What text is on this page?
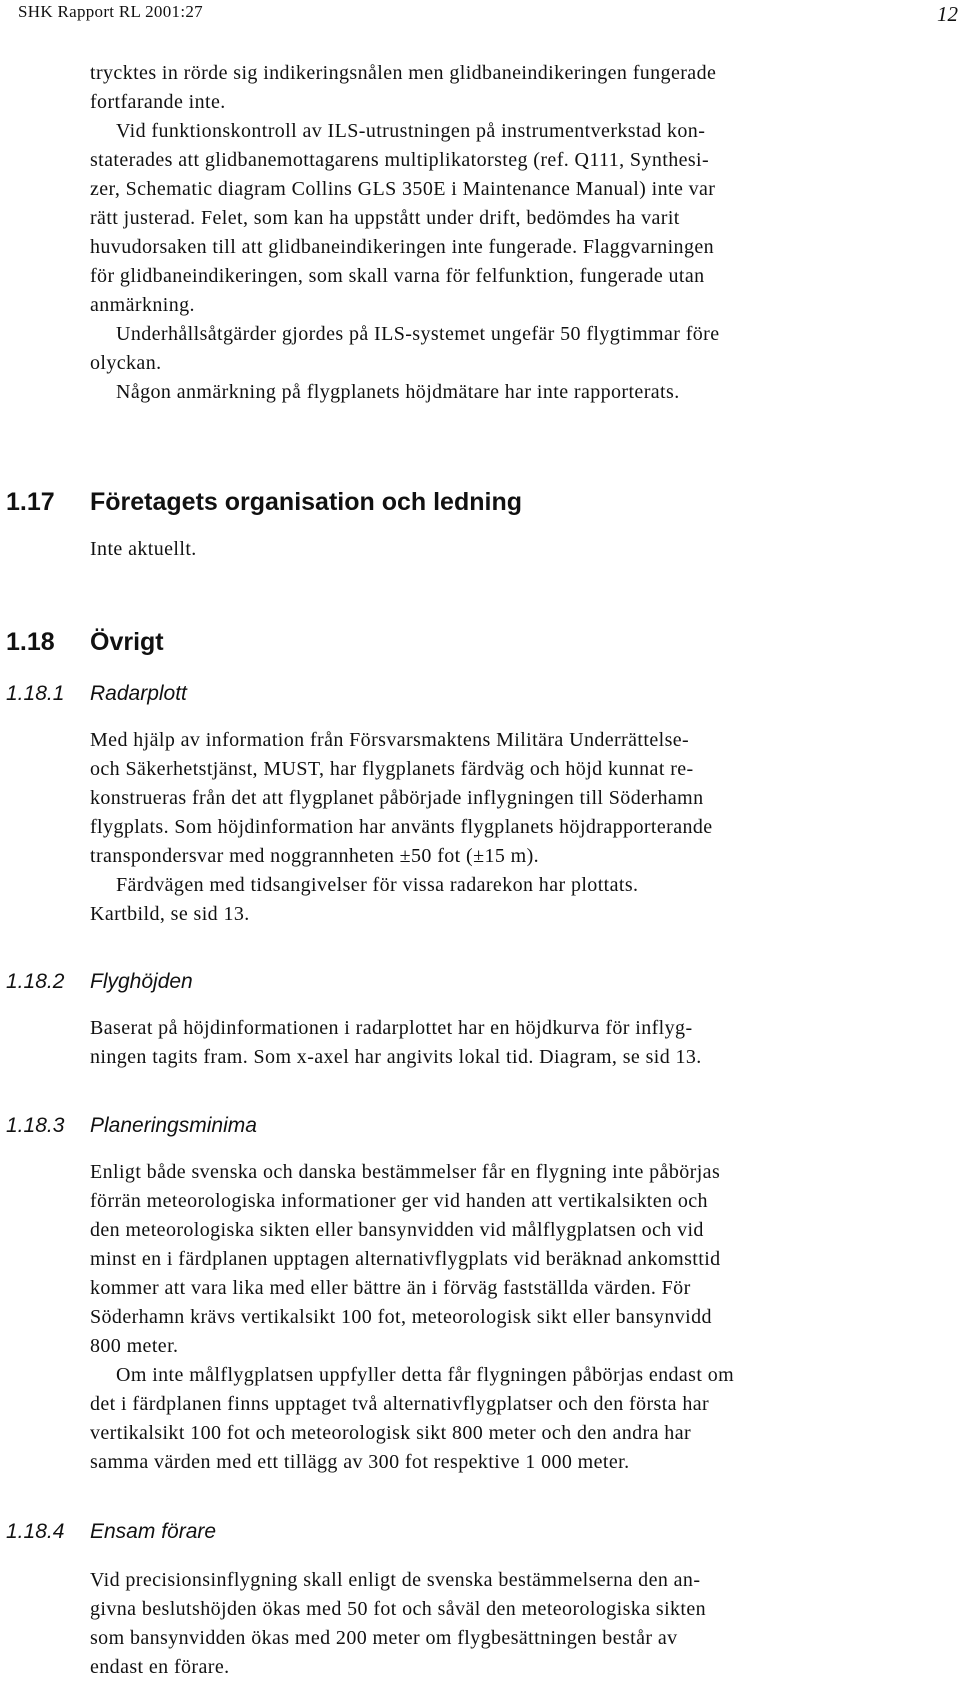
SHK Rapport RL 2001:27	12
trycktes in rörde sig indikeringsnålen men glidbaneindikeringen fungerade
fortfarande inte.
Vid funktionskontroll av ILS-utrustningen på instrumentverkstad kon-
staterades att glidbanemottagarens multiplikatorsteg (ref. Q111, Synthesi-
zer, Schematic diagram Collins GLS 350E i Maintenance Manual) inte var
rätt justerad. Felet, som kan ha uppstått under drift, bedömdes ha varit
huvudorsaken till att glidbaneindikeringen inte fungerade. Flaggvarningen
för glidbaneindikeringen, som skall varna för felfunktion, fungerade utan
anmärkning.
Underhållsåtgärder gjordes på ILS-systemet ungefär 50 flygtimmar före
olyckan.
Någon anmärkning på flygplanets höjdmätare har inte rapporterats.
1.17 Företagets organisation och ledning
Inte aktuellt.
1.18 Övrigt
1.18.1 Radarplott
Med hjälp av information från Försvarsmaktens Militära Underrättelse-
och Säkerhetstjänst, MUST, har flygplanets färdväg och höjd kunnat re-
konstrueras från det att flygplanet påbörjade inflygningen till Söderhamn
flygplats. Som höjdinformation har använts flygplanets höjdrapporterande
transpondersvar med noggrannheten ±50 fot (±15 m).
Färdvägen med tidsangivelser för vissa radarekon har plottats.
Kartbild, se sid 13.
1.18.2 Flyghöjden
Baserat på höjdinformationen i radarplottet har en höjdkurva för inflyg-
ningen tagits fram. Som x-axel har angivits lokal tid. Diagram, se sid 13.
1.18.3 Planeringsminima
Enligt både svenska och danska bestämmelser får en flygning inte påbörjas
förrän meteorologiska informationer ger vid handen att vertikalsikten och
den meteorologiska sikten eller bansynvidden vid målflygplatsen och vid
minst en i färdplanen upptagen alternativflygplats vid beräknad ankomsttid
kommer att vara lika med eller bättre än i förväg fastställda värden. För
Söderhamn krävs vertikalsikt 100 fot, meteorologisk sikt eller bansynvidd
800 meter.
Om inte målflygplatsen uppfyller detta får flygningen påbörjas endast om
det i färdplanen finns upptaget två alternativflygplatser och den första har
vertikalsikt 100 fot och meteorologisk sikt 800 meter och den andra har
samma värden med ett tillägg av 300 fot respektive 1 000 meter.
1.18.4 Ensam förare
Vid precisionsinflygning skall enligt de svenska bestämmelserna den an-
givna beslutshöjden ökas med 50 fot och såväl den meteorologiska sikten
som bansynvidden ökas med 200 meter om flygbesättningen består av
endast en förare.
